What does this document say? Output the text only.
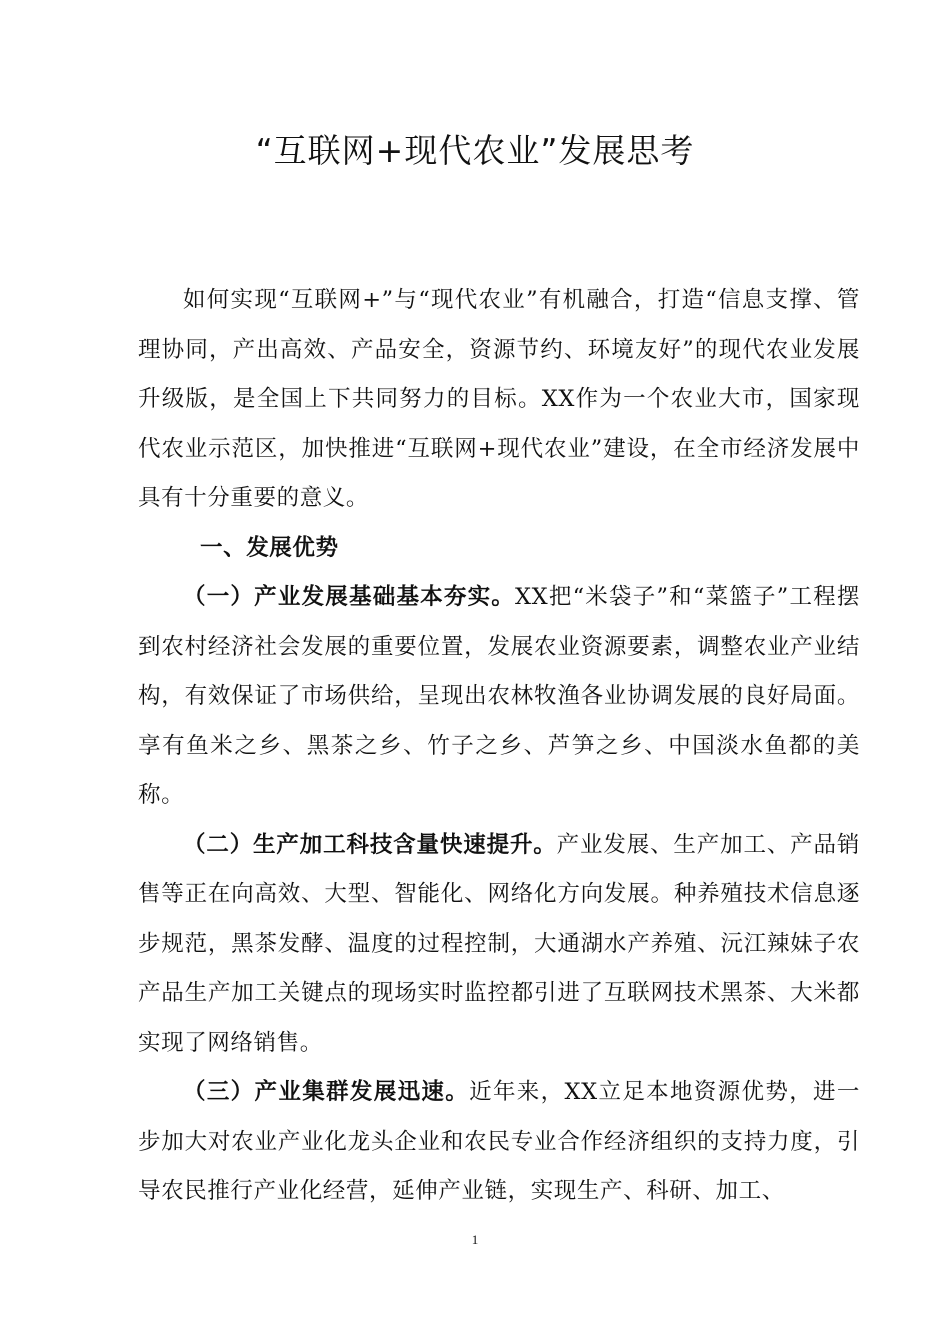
“互联网+现代农业”发展思考

如何实现“互联网+”与“现代农业”有机融合，打造“信息支撑、管理协同，产出高效、产品安全，资源节约、环境友好”的现代农业发展升级版，是全国上下共同努力的目标。XX作为一个农业大市，国家现代农业示范区，加快推进“互联网+现代农业”建设，在全市经济发展中具有十分重要的意义。

一、发展优势

（一）产业发展基础基本夯实。XX把“米袋子”和“菜篮子”工程摆到农村经济社会发展的重要位置，发展农业资源要素，调整农业产业结构，有效保证了市场供给，呈现出农林牧渔各业协调发展的良好局面。享有鱼米之乡、黑茶之乡、竹子之乡、芦笋之乡、中国淡水鱼都的美称。

（二）生产加工科技含量快速提升。产业发展、生产加工、产品销售等正在向高效、大型、智能化、网络化方向发展。种养殖技术信息逐步规范，黑茶发酵、温度的过程控制，大通湖水产养殖、沅江辣妹子农产品生产加工关键点的现场实时监控都引进了互联网技术黑茶、大米都实现了网络销售。

（三）产业集群发展迅速。近年来，XX立足本地资源优势，进一步加大对农业产业化龙头企业和农民专业合作经济组织的支持力度，引导农民推行产业化经营，延伸产业链，实现生产、科研、加工、

1
